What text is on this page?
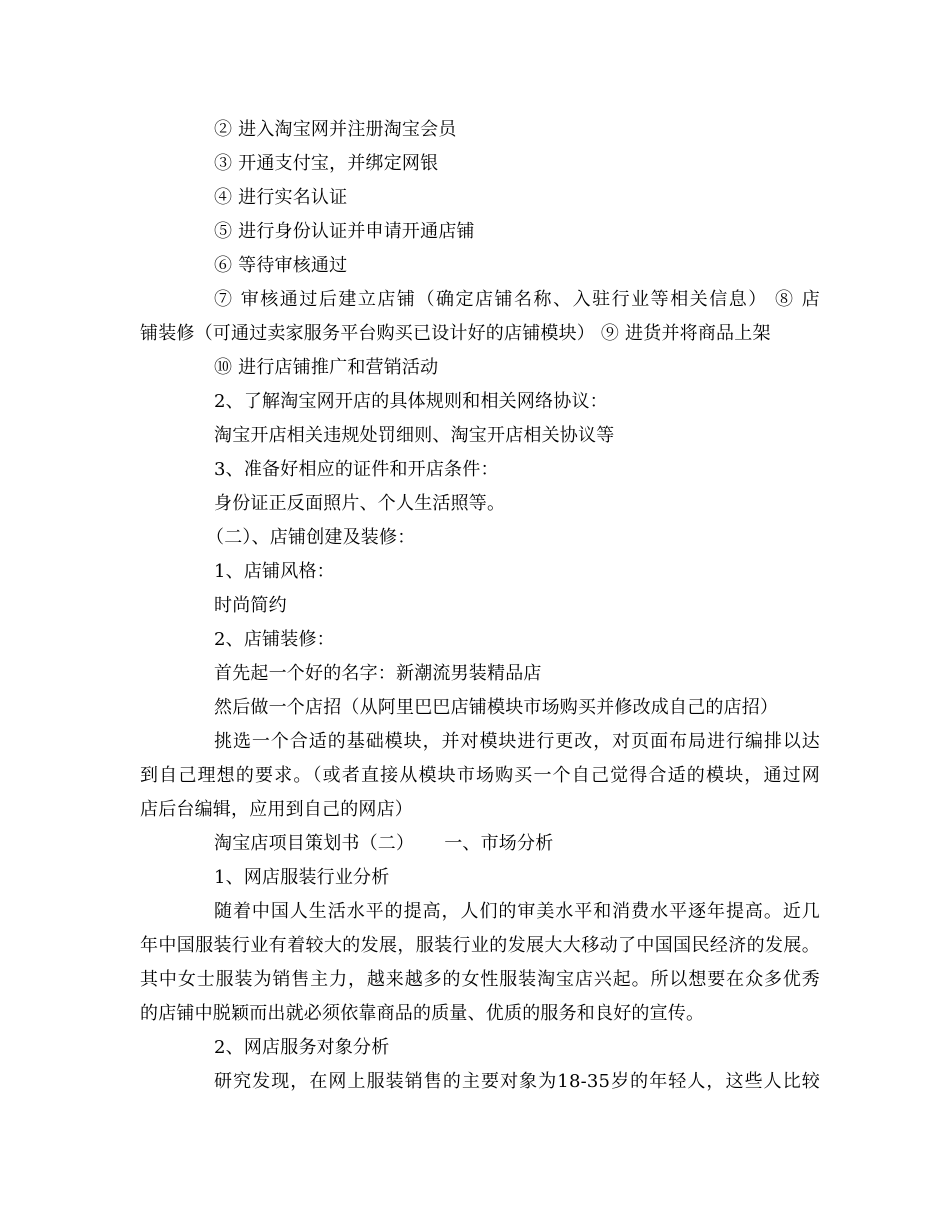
② 进入淘宝网并注册淘宝会员
③ 开通支付宝，并绑定网银
④ 进行实名认证
⑤ 进行身份认证并申请开通店铺
⑥ 等待审核通过
⑦ 审核通过后建立店铺（确定店铺名称、入驻行业等相关信息） ⑧ 店
铺装修（可通过卖家服务平台购买已设计好的店铺模块） ⑨ 进货并将商品上架
⑩ 进行店铺推广和营销活动
2、了解淘宝网开店的具体规则和相关网络协议：
淘宝开店相关违规处罚细则、淘宝开店相关协议等
3、准备好相应的证件和开店条件：
身份证正反面照片、个人生活照等。
（二）、店铺创建及装修：
1、店铺风格：
时尚简约
2、店铺装修：
首先起一个好的名字：新潮流男装精品店
然后做一个店招（从阿里巴巴店铺模块市场购买并修改成自己的店招）
挑选一个合适的基础模块，并对模块进行更改，对页面布局进行编排以达
到自己理想的要求。（或者直接从模块市场购买一个自己觉得合适的模块，通过网
店后台编辑，应用到自己的网店）
淘宝店项目策划书（二） 一、市场分析
1、网店服装行业分析
随着中国人生活水平的提高，人们的审美水平和消费水平逐年提高。近几
年中国服装行业有着较大的发展，服装行业的发展大大移动了中国国民经济的发展。
其中女士服装为销售主力，越来越多的女性服装淘宝店兴起。所以想要在众多优秀
的店铺中脱颖而出就必须依靠商品的质量、优质的服务和良好的宣传。
2、网店服务对象分析
研究发现，在网上服装销售的主要对象为18-35岁的年轻人，这些人比较
